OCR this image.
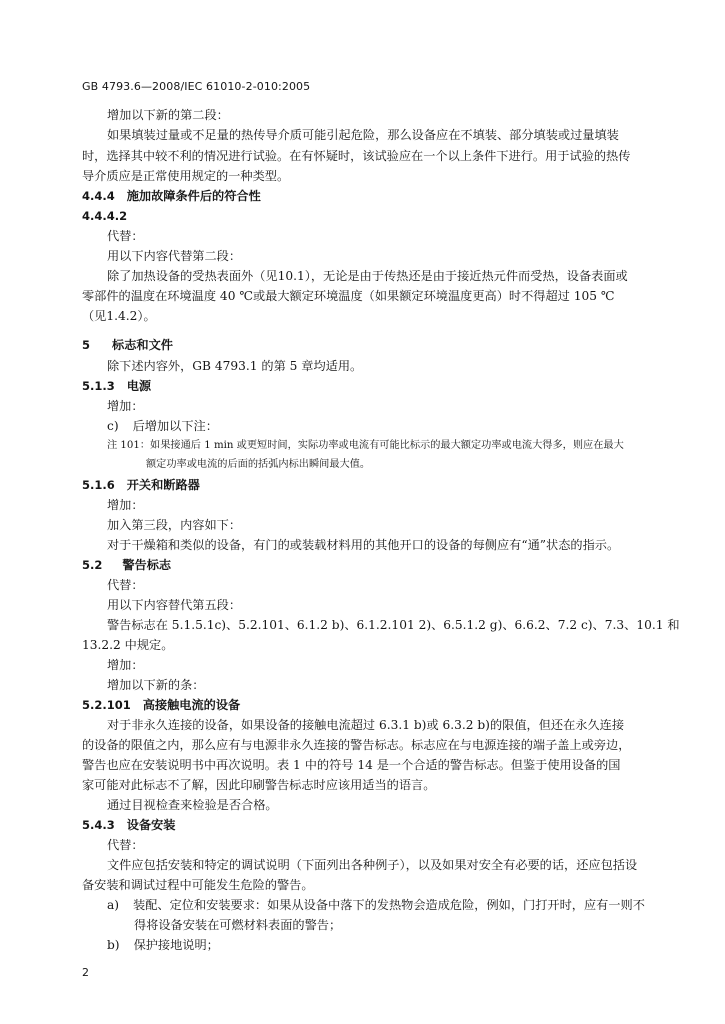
GB 4793.6—2008/IEC 61010-2-010:2005
增加以下新的第二段：
如果填装过量或不足量的热传导介质可能引起危险，那么设备应在不填装、部分填装或过量填装
时，选择其中较不利的情况进行试验。在有怀疑时，该试验应在一个以上条件下进行。用于试验的热传
导介质应是正常使用规定的一种类型。
4.4.4 施加故障条件后的符合性
4.4.4.2
代替：
用以下内容代替第二段：
除了加热设备的受热表面外（见10.1），无论是由于传热还是由于接近热元件而受热，设备表面或
零部件的温度在环境温度 40 ℃或最大额定环境温度（如果额定环境温度更高）时不得超过 105 ℃
（见1.4.2）。
5 标志和文件
除下述内容外，GB 4793.1 的第 5 章均适用。
5.1.3 电源
增加：
c) 后增加以下注：
注 101：如果接通后 1 min 或更短时间，实际功率或电流有可能比标示的最大额定功率或电流大得多，则应在最大
额定功率或电流的后面的括弧内标出瞬间最大值。
5.1.6 开关和断路器
增加：
加入第三段，内容如下：
对于干燥箱和类似的设备，有门的或装载材料用的其他开口的设备的每侧应有“通”状态的指示。
5.2 警告标志
代替：
用以下内容替代第五段：
警告标志在 5.1.5.1c)、5.2.101、6.1.2 b)、6.1.2.101 2)、6.5.1.2 g)、6.6.2、7.2 c)、7.3、10.1 和
13.2.2 中规定。
增加：
增加以下新的条：
5.2.101 高接触电流的设备
对于非永久连接的设备，如果设备的接触电流超过 6.3.1 b)或 6.3.2 b)的限值，但还在永久连接
的设备的限值之内，那么应有与电源非永久连接的警告标志。标志应在与电源连接的端子盖上或旁边，
警告也应在安装说明书中再次说明。表 1 中的符号 14 是一个合适的警告标志。但鉴于使用设备的国
家可能对此标志不了解，因此印刷警告标志时应该用适当的语言。
通过目视检查来检验是否合格。
5.4.3 设备安装
代替：
文件应包括安装和特定的调试说明（下面列出各种例子），以及如果对安全有必要的话，还应包括设
备安装和调试过程中可能发生危险的警告。
a) 装配、定位和安装要求：如果从设备中落下的发热物会造成危险，例如，门打开时，应有一则不
得将设备安装在可燃材料表面的警告；
b) 保护接地说明；
2
